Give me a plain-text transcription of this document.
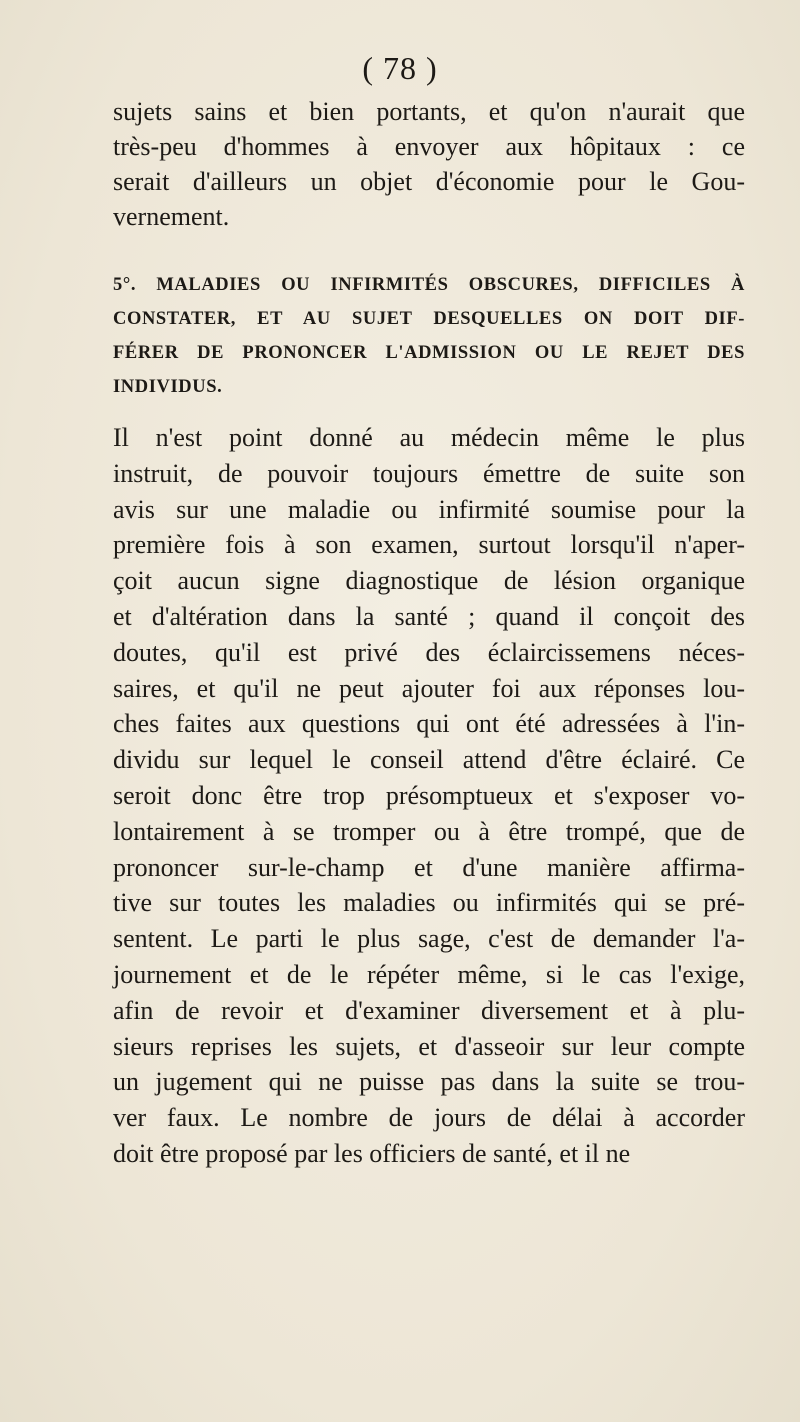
( 78 )
sujets sains et bien portants, et qu'on n'aurait que
très-peu d'hommes à envoyer aux hôpitaux : ce
serait d'ailleurs un objet d'économie pour le Gou-
vernement.
5°. MALADIES OU INFIRMITÉS OBSCURES, DIFFICILES À
CONSTATER, ET AU SUJET DESQUELLES ON DOIT DIF-
FÉRER DE PRONONCER L'ADMISSION OU LE REJET DES
INDIVIDUS.
Il n'est point donné au médecin même le plus
instruit, de pouvoir toujours émettre de suite son
avis sur une maladie ou infirmité soumise pour la
première fois à son examen, surtout lorsqu'il n'aper-
çoit aucun signe diagnostique de lésion organique
et d'altération dans la santé ; quand il conçoit des
doutes, qu'il est privé des éclaircissemens néces-
saires, et qu'il ne peut ajouter foi aux réponses lou-
ches faites aux questions qui ont été adressées à l'in-
dividu sur lequel le conseil attend d'être éclairé. Ce
seroit donc être trop présomptueux et s'exposer vo-
lontairement à se tromper ou à être trompé, que de
prononcer sur-le-champ et d'une manière affirma-
tive sur toutes les maladies ou infirmités qui se pré-
sentent. Le parti le plus sage, c'est de demander l'a-
journement et de le répéter même, si le cas l'exige,
afin de revoir et d'examiner diversement et à plu-
sieurs reprises les sujets, et d'asseoir sur leur compte
un jugement qui ne puisse pas dans la suite se trou-
ver faux. Le nombre de jours de délai à accorder
doit être proposé par les officiers de santé, et il ne
